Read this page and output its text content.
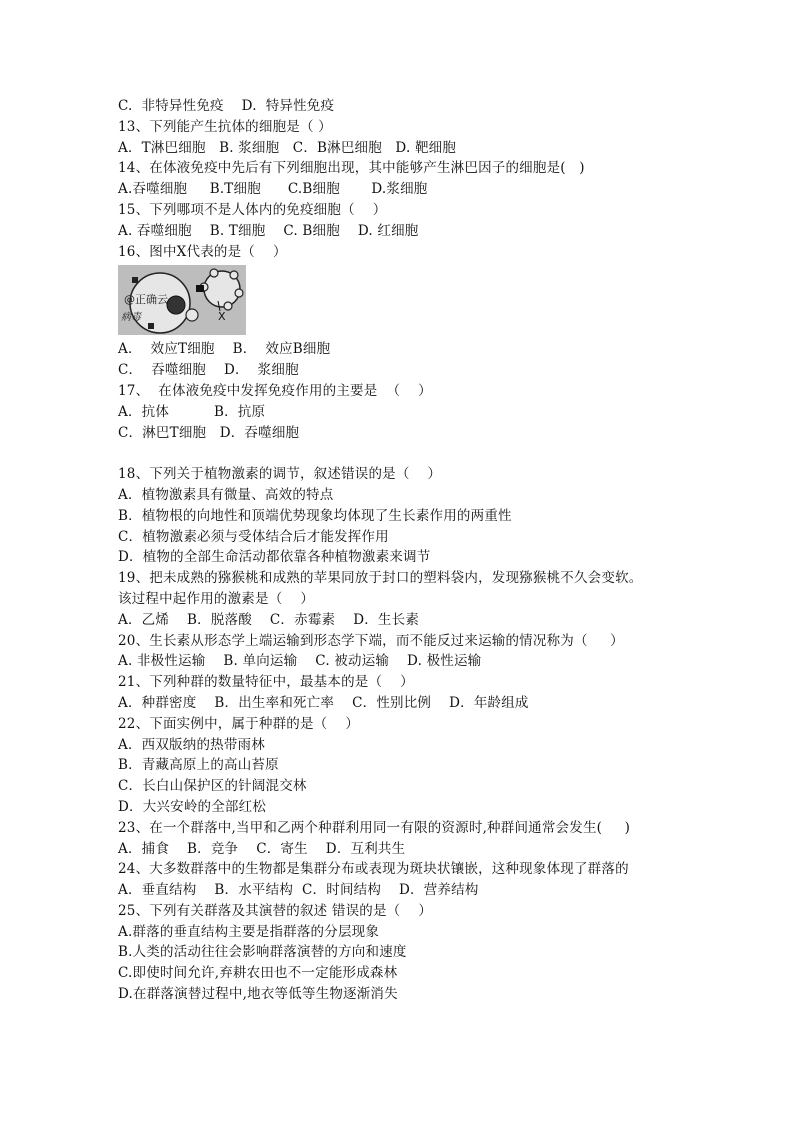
C.  非特异性免疫    D.  特异性免疫
13、下列能产生抗体的细胞是（ ）
A．T淋巴细胞   B. 浆细胞   C．B淋巴细胞   D. 靶细胞
14、在体液免疫中先后有下列细胞出现，其中能够产生淋巴因子的细胞是(   )
A.吞噬细胞     B.T细胞      C.B细胞       D.浆细胞
15、下列哪项不是人体内的免疫细胞（    ）
A. 吞噬细胞    B. T细胞    C. B细胞    D. 红细胞
16、图中X代表的是（    ）
@正确云
病毒	X
A．  效应T细胞    B．  效应B细胞
C．  吞噬细胞    D．  浆细胞
17、  在体液免疫中发挥免疫作用的主要是  （    ）
A．抗体          B．抗原
C．淋巴T细胞   D．吞噬细胞
18、下列关于植物激素的调节，叙述错误的是（    ）
A．植物激素具有微量、高效的特点
B．植物根的向地性和顶端优势现象均体现了生长素作用的两重性
C．植物激素必须与受体结合后才能发挥作用
D．植物的全部生命活动都依靠各种植物激素来调节
19、把未成熟的猕猴桃和成熟的苹果同放于封口的塑料袋内，发现猕猴桃不久会变软。
该过程中起作用的激素是（    ）
A．乙烯    B．脱落酸    C．赤霉素    D．生长素
20、生长素从形态学上端运输到形态学下端，而不能反过来运输的情况称为（     ）
A. 非极性运输    B. 单向运输    C. 被动运输    D. 极性运输
21、下列种群的数量特征中，最基本的是（    ）
A．种群密度    B．出生率和死亡率    C．性别比例    D．年龄组成
22、下面实例中，属于种群的是（    ）
A．西双版纳的热带雨林
B．青藏高原上的高山苔原
C．长白山保护区的针阔混交林
D．大兴安岭的全部红松
23、在一个群落中,当甲和乙两个种群利用同一有限的资源时,种群间通常会发生(     )
A．捕食    B．竞争    C．寄生    D．互利共生
24、大多数群落中的生物都是集群分布或表现为斑块状镶嵌，这种现象体现了群落的
A．垂直结构    B．水平结构  C．时间结构    D．营养结构
25、下列有关群落及其演替的叙述 错误的是（    ）
A.群落的垂直结构主要是指群落的分层现象
B.人类的活动往往会影响群落演替的方向和速度
C.即使时间允许,弃耕农田也不一定能形成森林
D.在群落演替过程中,地衣等低等生物逐渐消失
